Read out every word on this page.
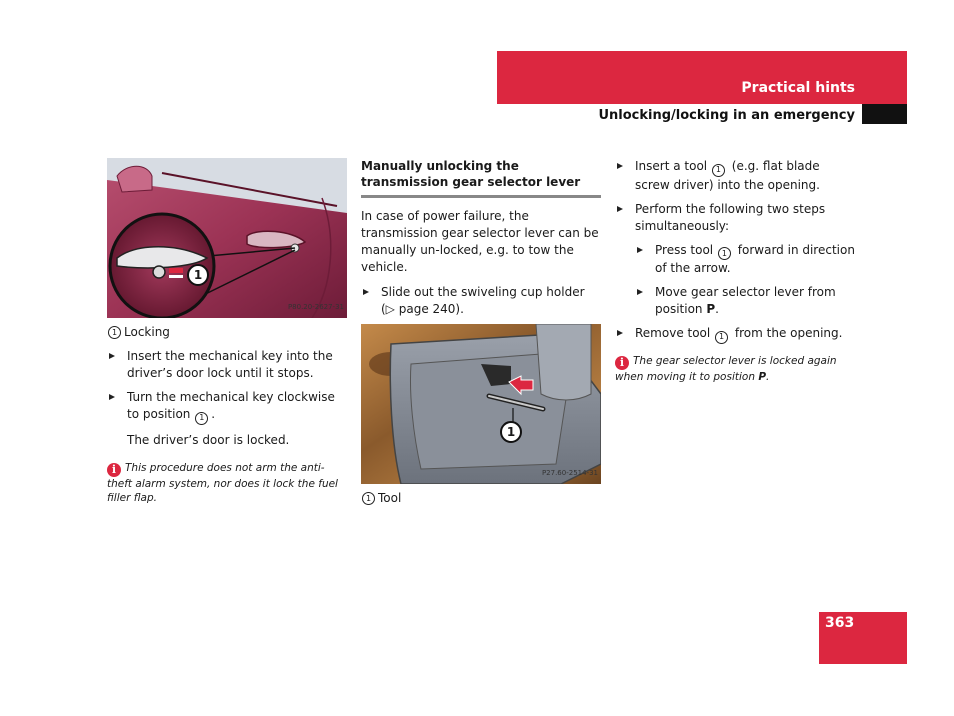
Practical hints
Unlocking/locking in an emergency
1
P80.20-2627-31
1 Locking
Insert the mechanical key into the driver’s door lock until it stops.
Turn the mechanical key clockwise to position 1 .
The driver’s door is locked.
i This procedure does not arm the anti-theft alarm system, nor does it lock the fuel filler flap.
Manually unlocking the transmission gear selector lever
In case of power failure, the transmission gear selector lever can be manually un-locked, e.g. to tow the vehicle.
Slide out the swiveling cup holder
(▷ page 240).
1
P27.60-2514-31
1 Tool
Insert a tool 1 (e.g. flat blade screw driver) into the opening.
Perform the following two steps simultaneously:
Press tool 1 forward in direction of the arrow.
Move gear selector lever from position P.
Remove tool 1 from the opening.
i The gear selector lever is locked again when moving it to position P.
363
